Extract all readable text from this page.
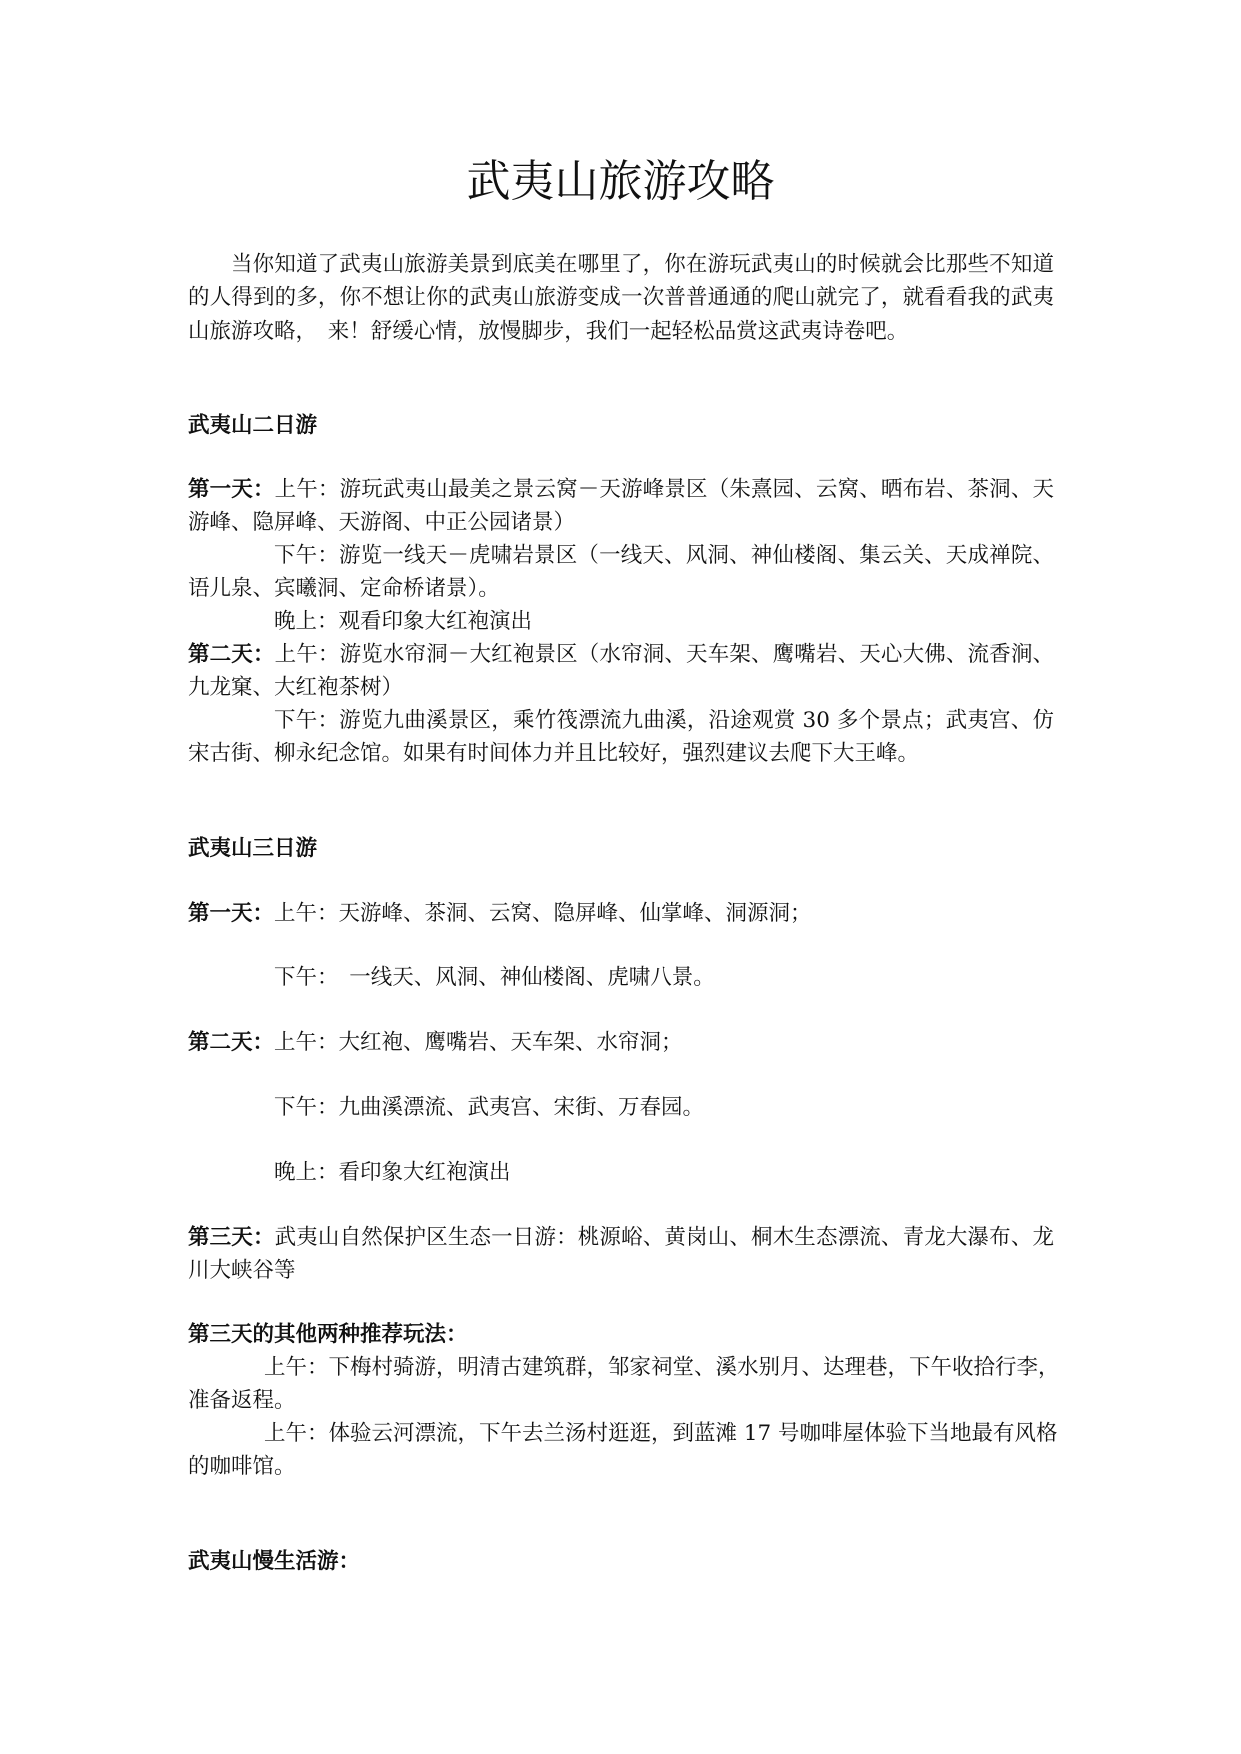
武夷山旅游攻略
当你知道了武夷山旅游美景到底美在哪里了，你在游玩武夷山的时候就会比那些不知道
的人得到的多，你不想让你的武夷山旅游变成一次普普通通的爬山就完了，就看看我的武夷
山旅游攻略，　来！舒缓心情，放慢脚步，我们一起轻松品赏这武夷诗卷吧。
武夷山二日游
第一天：上午：游玩武夷山最美之景云窝－天游峰景区（朱熹园、云窝、晒布岩、茶洞、天
游峰、隐屏峰、天游阁、中正公园诸景）
下午：游览一线天－虎啸岩景区（一线天、风洞、神仙楼阁、集云关、天成禅院、
语儿泉、宾曦洞、定命桥诸景）。
晚上：观看印象大红袍演出
第二天：上午：游览水帘洞－大红袍景区（水帘洞、天车架、鹰嘴岩、天心大佛、流香涧、
九龙窠、大红袍茶树）
下午：游览九曲溪景区，乘竹筏漂流九曲溪，沿途观赏 30 多个景点；武夷宫、仿
宋古街、柳永纪念馆。如果有时间体力并且比较好，强烈建议去爬下大王峰。
武夷山三日游
第一天：上午：天游峰、茶洞、云窝、隐屏峰、仙掌峰、洞源洞；
下午：　一线天、风洞、神仙楼阁、虎啸八景。
第二天：上午：大红袍、鹰嘴岩、天车架、水帘洞；
下午：九曲溪漂流、武夷宫、宋街、万春园。
晚上：看印象大红袍演出
第三天：武夷山自然保护区生态一日游：桃源峪、黄岗山、桐木生态漂流、青龙大瀑布、龙
川大峡谷等
第三天的其他两种推荐玩法：
上午：下梅村骑游，明清古建筑群，邹家祠堂、溪水别月、达理巷，下午收拾行李，
准备返程。
上午：体验云河漂流，下午去兰汤村逛逛，到蓝滩 17 号咖啡屋体验下当地最有风格
的咖啡馆。
武夷山慢生活游：
